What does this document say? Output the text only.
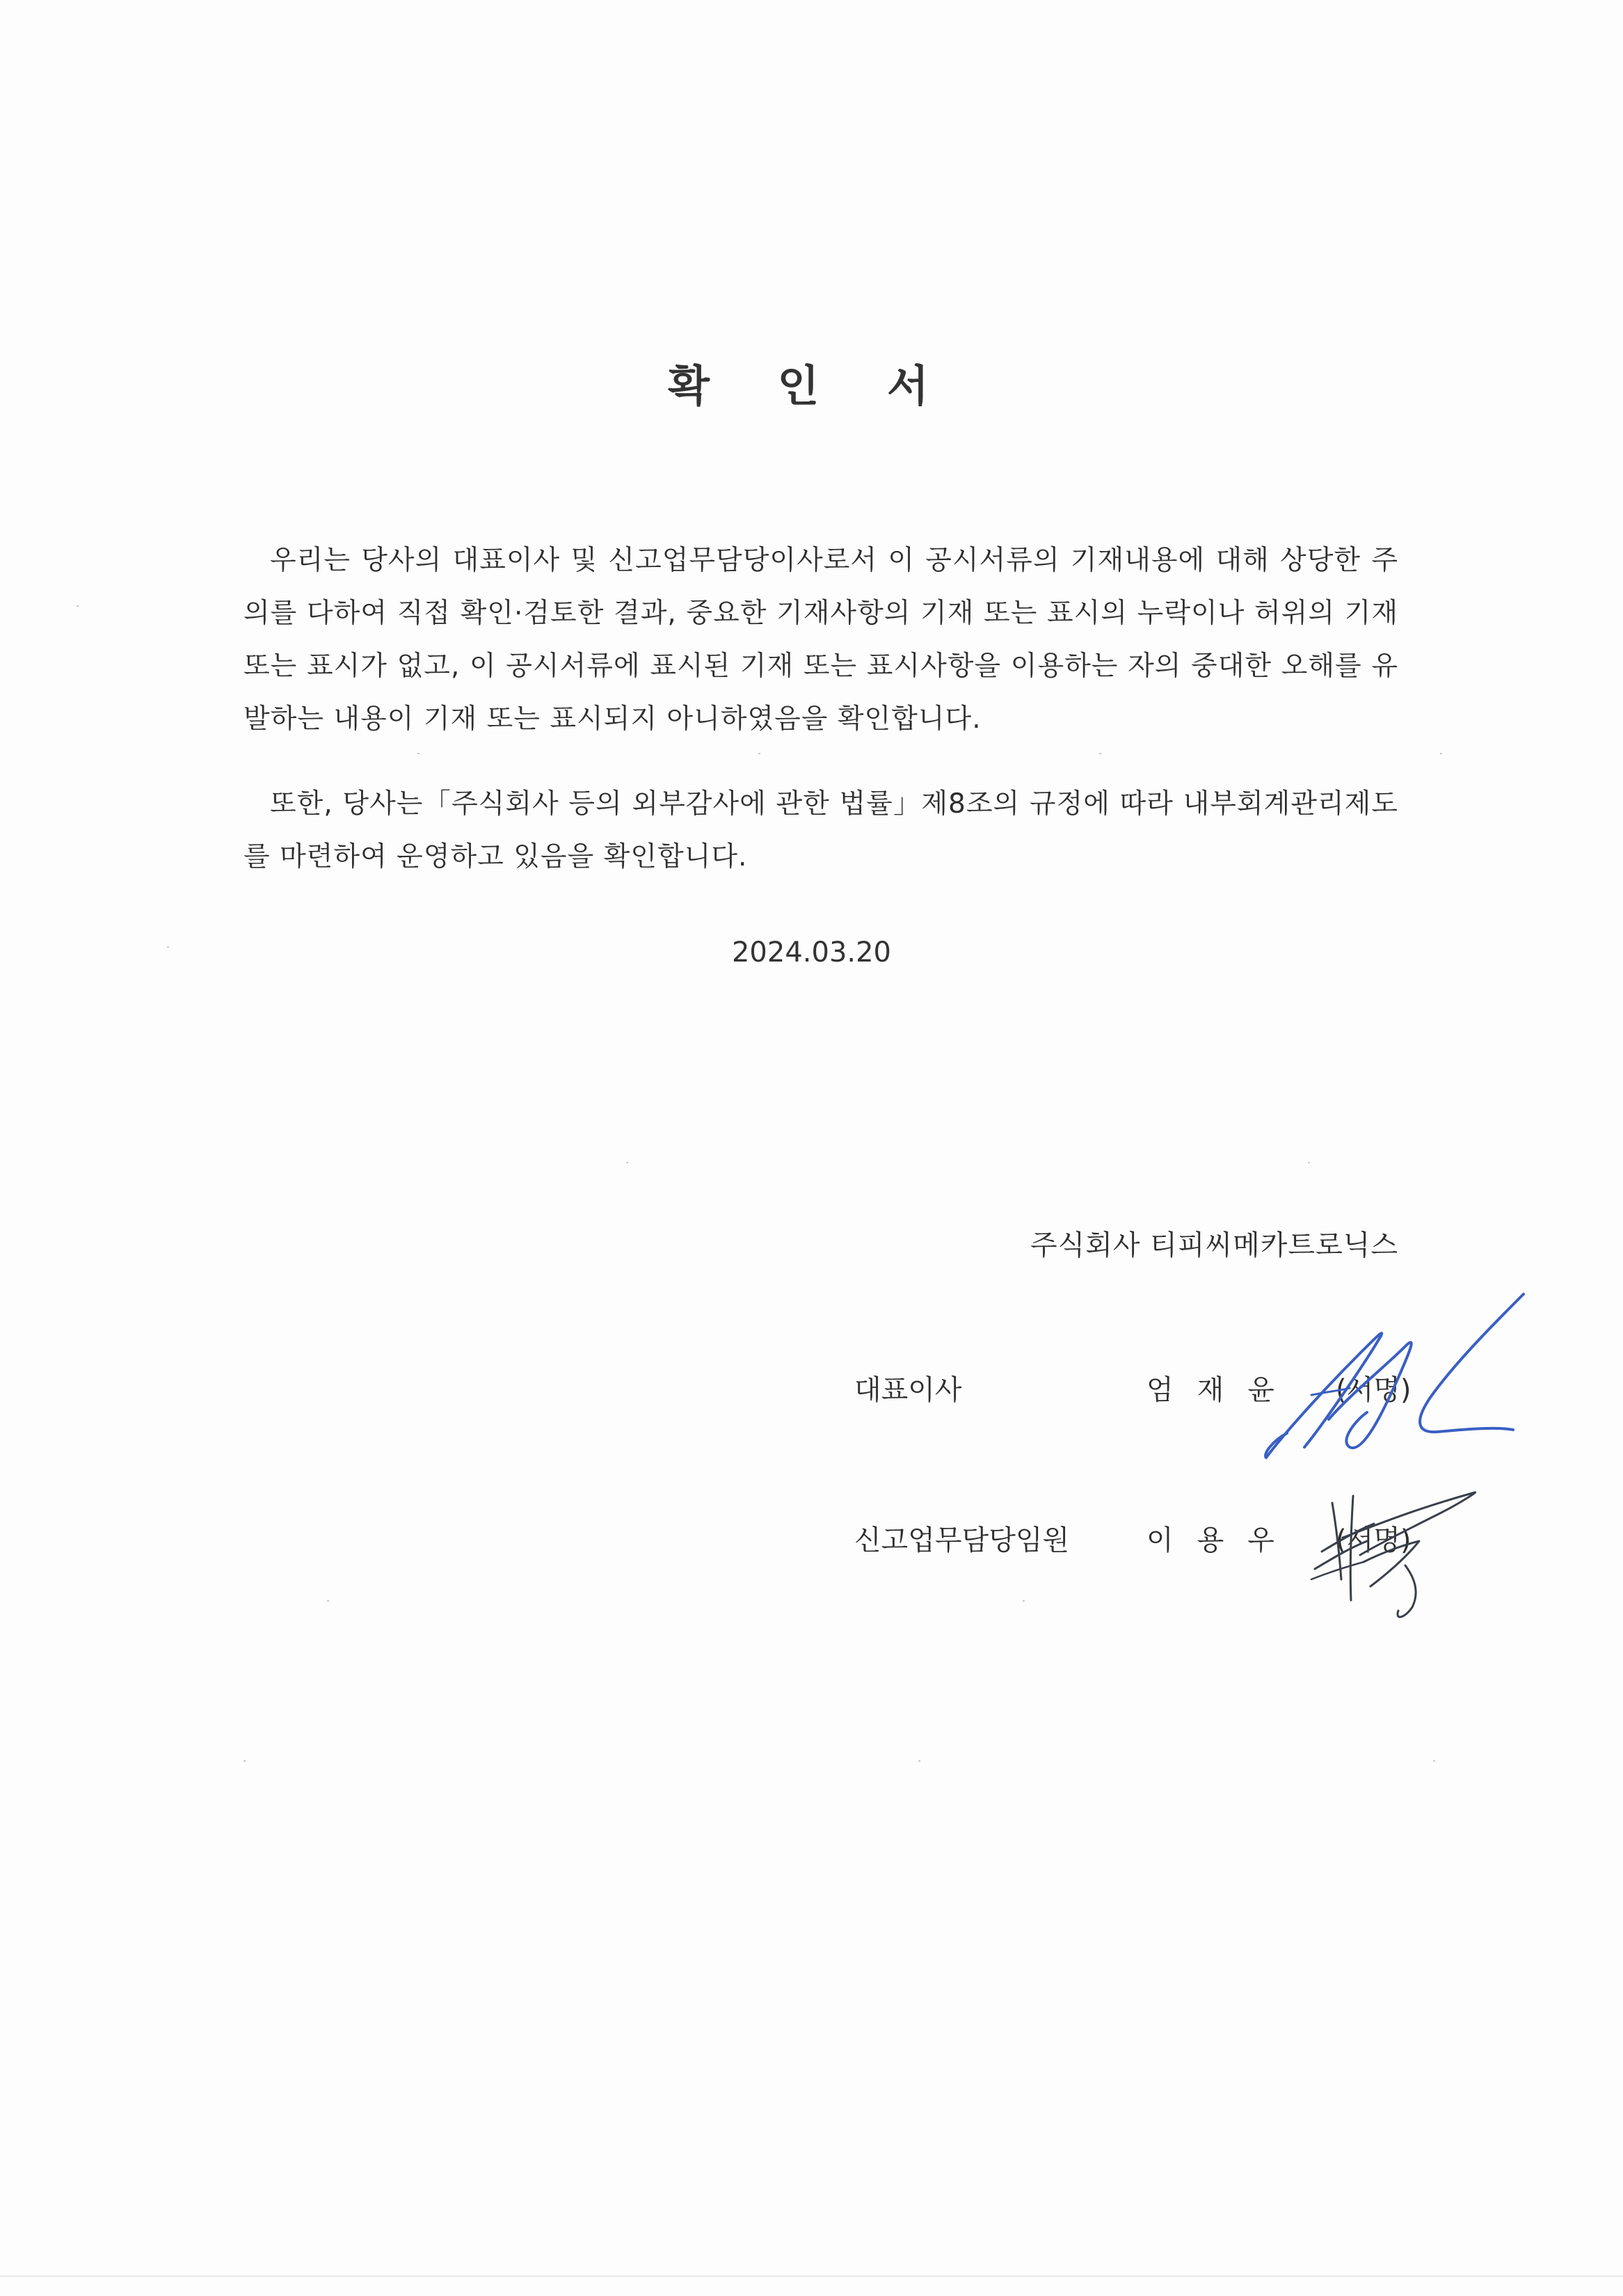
확 인 서
우리는 당사의 대표이사 및 신고업무담당이사로서 이 공시서류의 기재내용에 대해 상당한 주의를 다하여 직접 확인·검토한 결과, 중요한 기재사항의 기재 또는 표시의 누락이나 허위의 기재 또는 표시가 없고, 이 공시서류에 표시된 기재 또는 표시사항을 이용하는 자의 중대한 오해를 유발하는 내용이 기재 또는 표시되지 아니하였음을 확인합니다.
또한, 당사는「주식회사 등의 외부감사에 관한 법률」제8조의 규정에 따라 내부회계관리제도를 마련하여 운영하고 있음을 확인합니다.
2024.03.20
주식회사 티피씨메카트로닉스
대표이사	엄재윤 (서명)
신고업무담당임원	이용우 (서명)
